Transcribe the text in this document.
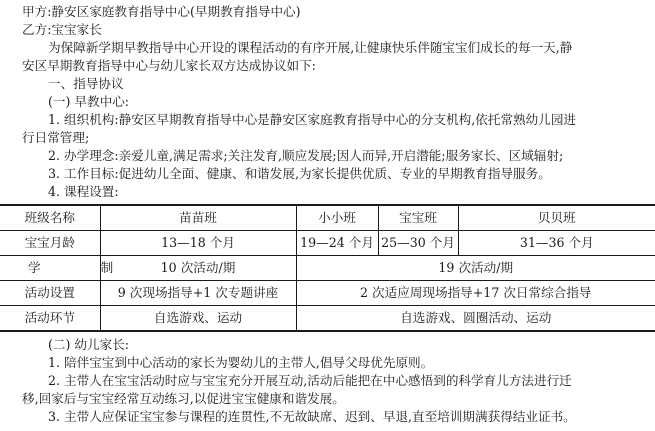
甲方:静安区家庭教育指导中心(早期教育指导中心)
乙方:宝宝家长
为保障新学期早教指导中心开设的课程活动的有序开展,让健康快乐伴随宝宝们成长的每一天,静
安区早期教育指导中心与幼儿家长双方达成协议如下:
一、指导协议
(一) 早教中心:
1. 组织机构:静安区早期教育指导中心是静安区家庭教育指导中心的分支机构,依托常熟幼儿园进
行日常管理;
2. 办学理念:亲爱儿童,满足需求;关注发育,顺应发展;因人而异,开启潜能;服务家长、区域辐射;
3. 工作目标:促进幼儿全面、健康、和谐发展,为家长提供优质、专业的早期教育指导服务。
4. 课程设置:
班级名称	苗苗班	小小班	宝宝班	贝贝班
宝宝月龄	13—18 个月	19—24 个月	25—30 个月	31—36 个月
学 制	10 次活动/期	19 次活动/期		
活动设置	9 次现场指导+1 次专题讲座	2 次适应周现场指导+17 次日常综合指导		
活动环节	自选游戏、运动	自选游戏、圆圈活动、运动		
(二) 幼儿家长:
1. 陪伴宝宝到中心活动的家长为婴幼儿的主带人,倡导父母优先原则。
2. 主带人在宝宝活动时应与宝宝充分开展互动,活动后能把在中心感悟到的科学育儿方法进行迁
移,回家后与宝宝经常互动练习,以促进宝宝健康和谐发展。
3. 主带人应保证宝宝参与课程的连贯性,不无故缺席、迟到、早退,直至培训期满获得结业证书。
